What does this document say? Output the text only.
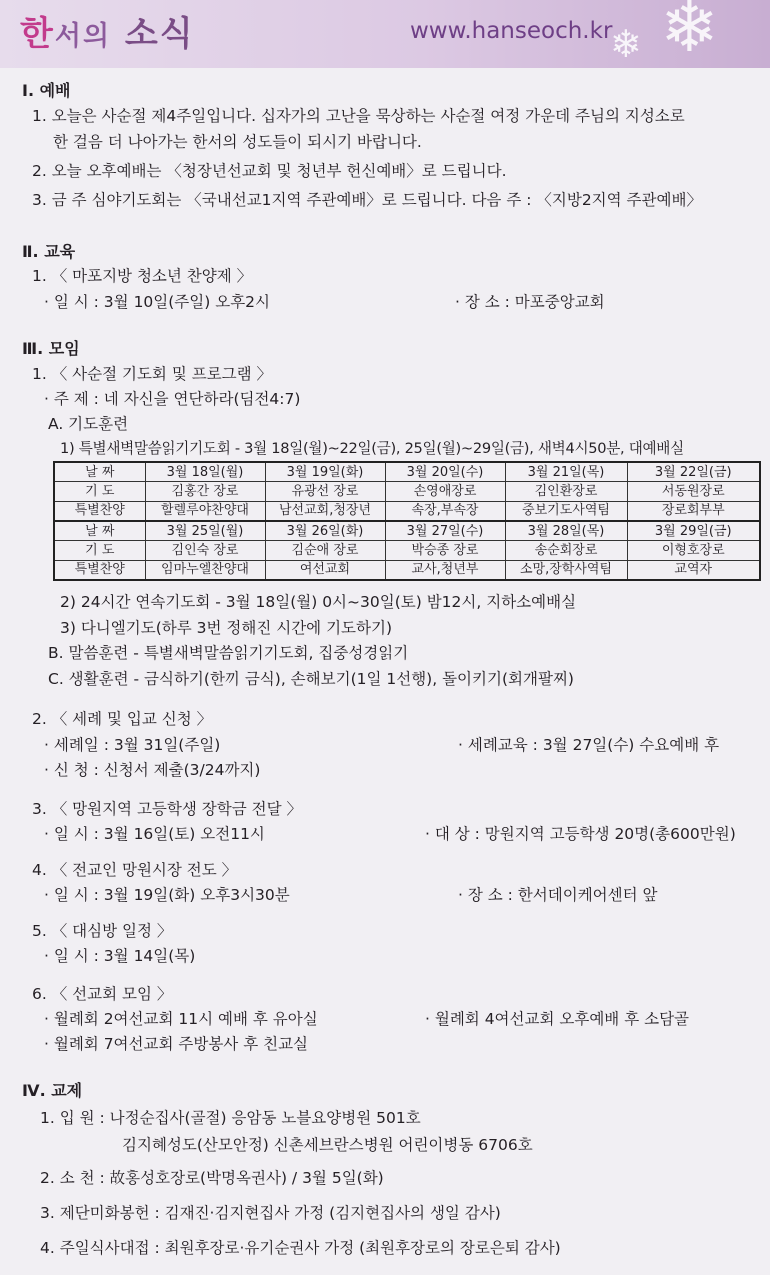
한서의 소식	www.hanseoch.kr ❄
❄
Ⅰ. 예배
1. 오늘은 사순절 제4주일입니다. 십자가의 고난을 묵상하는 사순절 여정 가운데 주님의 지성소로
한 걸음 더 나아가는 한서의 성도들이 되시기 바랍니다.
2. 오늘 오후예배는 〈청장년선교회 및 청년부 헌신예배〉로 드립니다.
3. 금 주 심야기도회는 〈국내선교1지역 주관예배〉로 드립니다. 다음 주 : 〈지방2지역 주관예배〉
Ⅱ. 교육
1. 〈 마포지방 청소년 찬양제 〉
· 일 시 : 3월 10일(주일) 오후2시	· 장 소 : 마포중앙교회
Ⅲ. 모임
1. 〈 사순절 기도회 및 프로그램 〉
· 주 제 : 네 자신을 연단하라(딤전4:7)
A. 기도훈련
1) 특별새벽말씀읽기기도회 - 3월 18일(월)~22일(금), 25일(월)~29일(금), 새벽4시50분, 대예배실
날 짜	3월 18일(월)	3월 19일(화)	3월 20일(수)	3월 21일(목)	3월 22일(금)
기 도	김홍간 장로	유광선 장로	손영애장로	김인환장로	서동원장로
특별찬양	할렐루야찬양대	남선교회,청장년	속장,부속장	중보기도사역팀	장로회부부
날 짜	3월 25일(월)	3월 26일(화)	3월 27일(수)	3월 28일(목)	3월 29일(금)
기 도	김인숙 장로	김순애 장로	박승종 장로	송순회장로	이형호장로
특별찬양	임마누엘찬양대	여선교회	교사,청년부	소망,장학사역팀	교역자
2) 24시간 연속기도회 - 3월 18일(월) 0시~30일(토) 밤12시, 지하소예배실
3) 다니엘기도(하루 3번 정해진 시간에 기도하기)
B. 말씀훈련 - 특별새벽말씀읽기기도회, 집중성경읽기
C. 생활훈련 - 금식하기(한끼 금식), 손해보기(1일 1선행), 돌이키기(회개팔찌)
2. 〈 세례 및 입교 신청 〉
· 세례일 : 3월 31일(주일)	· 세례교육 : 3월 27일(수) 수요예배 후
· 신 청 : 신청서 제출(3/24까지)
3. 〈 망원지역 고등학생 장학금 전달 〉
· 일 시 : 3월 16일(토) 오전11시	· 대 상 : 망원지역 고등학생 20명(총600만원)
4. 〈 전교인 망원시장 전도 〉
· 일 시 : 3월 19일(화) 오후3시30분	· 장 소 : 한서데이케어센터 앞
5. 〈 대심방 일정 〉
· 일 시 : 3월 14일(목)
6. 〈 선교회 모임 〉
· 월례회 2여선교회 11시 예배 후 유아실	· 월례회 4여선교회 오후예배 후 소담골
· 월례회 7여선교회 주방봉사 후 친교실
Ⅳ. 교제
1. 입 원 : 나정순집사(골절) 응암동 노블요양병원 501호
김지혜성도(산모안정) 신촌세브란스병원 어린이병동 6706호
2. 소 천 : 故홍성호장로(박명옥권사) / 3월 5일(화)
3. 제단미화봉헌 : 김재진·김지현집사 가정 (김지현집사의 생일 감사)
4. 주일식사대접 : 최원후장로·유기순권사 가정 (최원후장로의 장로은퇴 감사)
